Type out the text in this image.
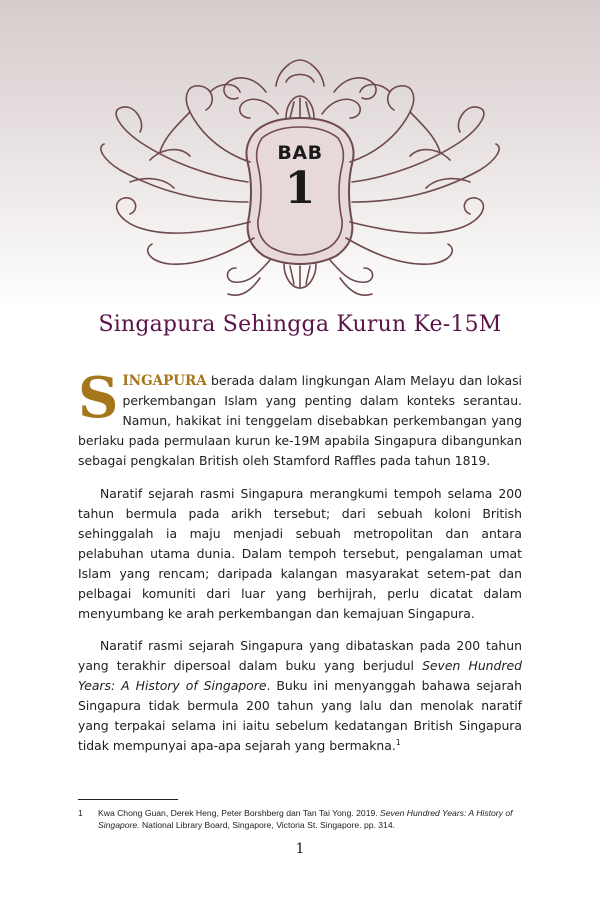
BAB
1
Singapura Sehingga Kurun Ke-15M

SINGAPURA berada dalam lingkungan Alam Melayu dan lokasi perkembangan Islam yang penting dalam konteks serantau. Namun, hakikat ini tenggelam disebabkan perkembangan yang berlaku pada permulaan kurun ke-19M apabila Singapura dibangunkan sebagai pengkalan British oleh Stamford Raffles pada tahun 1819.

Naratif sejarah rasmi Singapura merangkumi tempoh selama 200 tahun bermula pada arikh tersebut; dari sebuah koloni British sehinggalah ia maju menjadi sebuah metropolitan dan antara pelabuhan utama dunia. Dalam tempoh tersebut, pengalaman umat Islam yang rencam; daripada kalangan masyarakat setem-pat dan pelbagai komuniti dari luar yang berhijrah, perlu dicatat dalam menyumbang ke arah perkembangan dan kemajuan Singapura.

Naratif rasmi sejarah Singapura yang dibataskan pada 200 tahun yang terakhir dipersoal dalam buku yang berjudul Seven Hundred Years: A History of Singapore. Buku ini menyanggah bahawa sejarah Singapura tidak bermula 200 tahun yang lalu dan menolak naratif yang terpakai selama ini iaitu sebelum kedatangan British Singapura tidak mempunyai apa-apa sejarah yang bermakna.$^1$

1 Kwa Chong Guan, Derek Heng, Peter Borshberg dan Tan Tai Yong. 2019. Seven Hundred Years: A History of Singapore. National Library Board, Singapore, Victoria St. Singapore. pp. 314.
1
